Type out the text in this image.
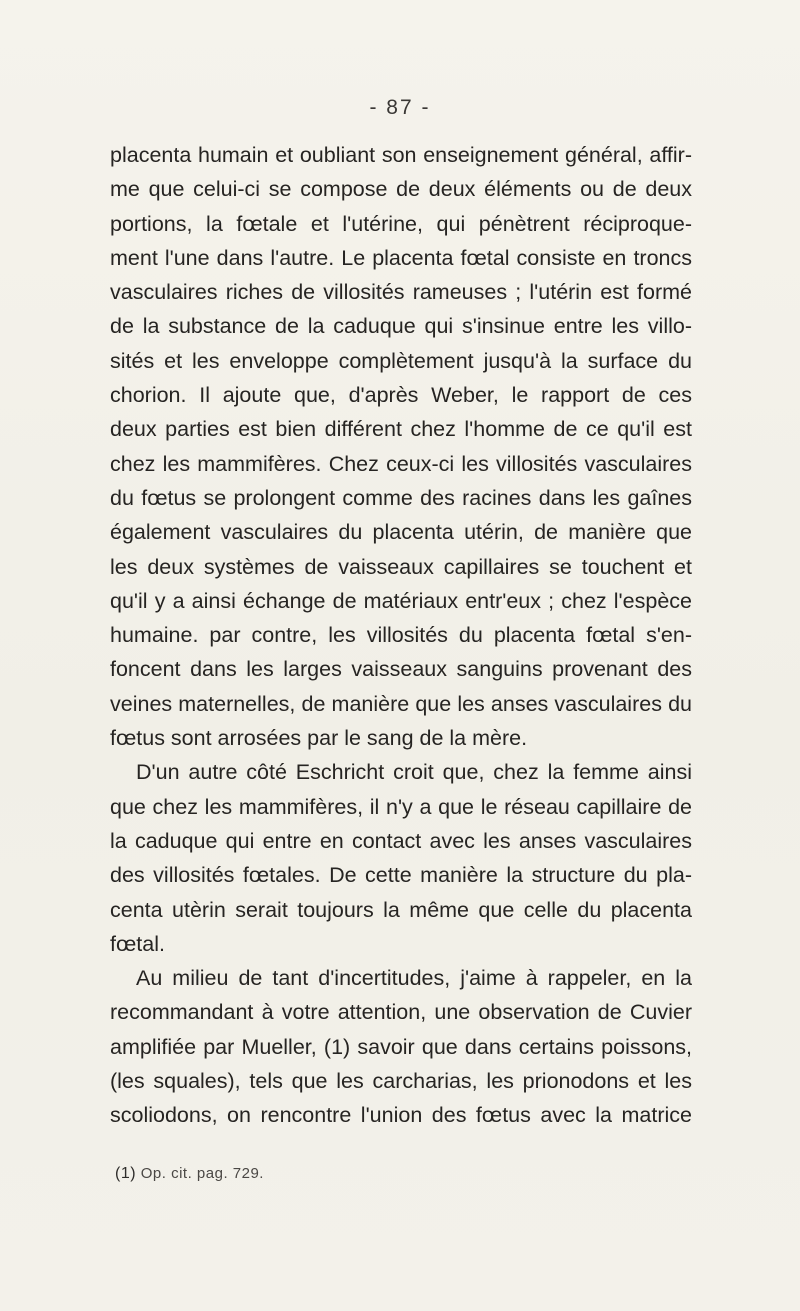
- 87 -
placenta humain et oubliant son enseignement général, affir-
me que celui-ci se compose de deux éléments ou de deux
portions, la fœtale et l'utérine, qui pénètrent réciproque-
ment l'une dans l'autre. Le placenta fœtal consiste en troncs
vasculaires riches de villosités rameuses ; l'utérin est formé
de la substance de la caduque qui s'insinue entre les villo-
sités et les enveloppe complètement jusqu'à la surface du
chorion. Il ajoute que, d'après Weber, le rapport de ces
deux parties est bien différent chez l'homme de ce qu'il est
chez les mammifères. Chez ceux-ci les villosités vasculaires
du fœtus se prolongent comme des racines dans les gaînes
également vasculaires du placenta utérin, de manière que
les deux systèmes de vaisseaux capillaires se touchent et
qu'il y a ainsi échange de matériaux entr'eux ; chez l'espèce
humaine. par contre, les villosités du placenta fœtal s'en-
foncent dans les larges vaisseaux sanguins provenant des
veines maternelles, de manière que les anses vasculaires du
fœtus sont arrosées par le sang de la mère.
D'un autre côté Eschricht croit que, chez la femme ainsi
que chez les mammifères, il n'y a que le réseau capillaire de
la caduque qui entre en contact avec les anses vasculaires
des villosités fœtales. De cette manière la structure du pla-
centa utèrin serait toujours la même que celle du placenta
fœtal.
Au milieu de tant d'incertitudes, j'aime à rappeler, en la
recommandant à votre attention, une observation de Cuvier
amplifiée par Mueller, (1) savoir que dans certains poissons,
(les squales), tels que les carcharias, les prionodons et les
scoliodons, on rencontre l'union des fœtus avec la matrice
(1) Op. cit. pag. 729.
